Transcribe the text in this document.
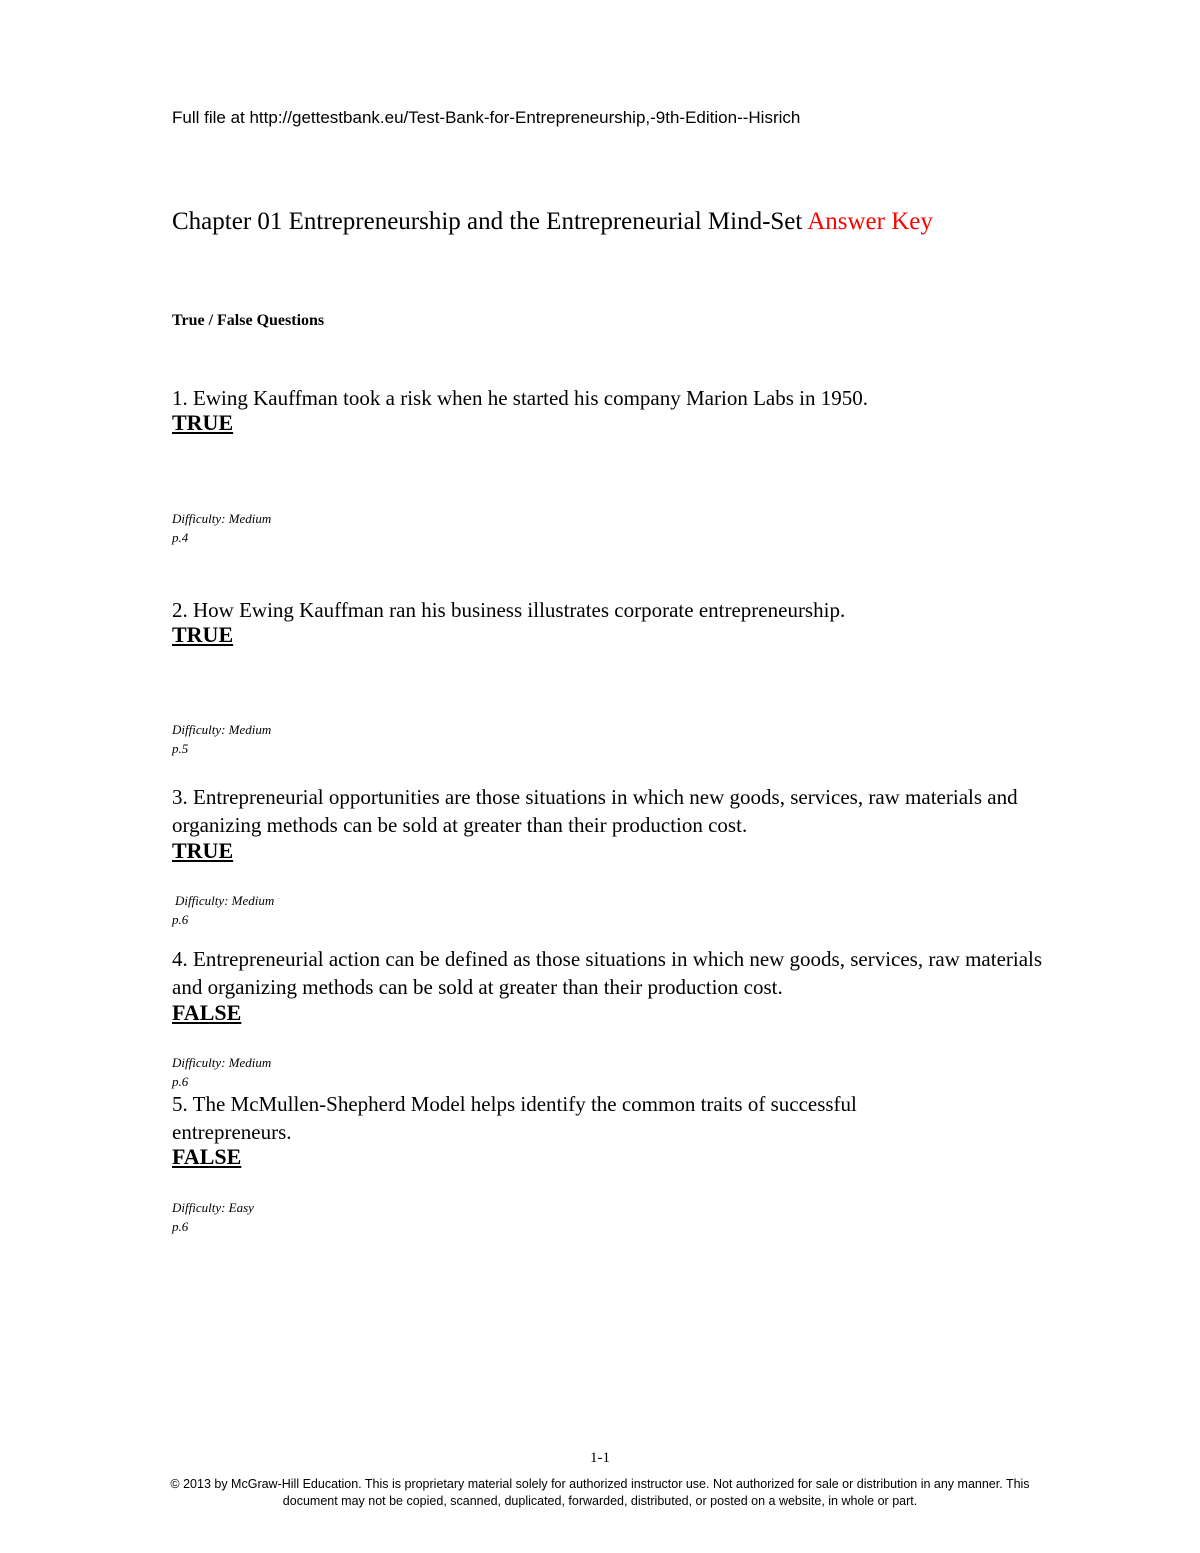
Full file at http://gettestbank.eu/Test-Bank-for-Entrepreneurship,-9th-Edition--Hisrich
Chapter 01 Entrepreneurship and the Entrepreneurial Mind-Set Answer Key
True / False Questions
1. Ewing Kauffman took a risk when he started his company Marion Labs in 1950.
TRUE
Difficulty: Medium
p.4
2. How Ewing Kauffman ran his business illustrates corporate entrepreneurship.
TRUE
Difficulty: Medium
p.5
3. Entrepreneurial opportunities are those situations in which new goods, services, raw materials and organizing methods can be sold at greater than their production cost.
TRUE
Difficulty: Medium
p.6
4. Entrepreneurial action can be defined as those situations in which new goods, services, raw materials and organizing methods can be sold at greater than their production cost.
FALSE
Difficulty: Medium
p.6
5. The McMullen-Shepherd Model helps identify the common traits of successful entrepreneurs.
FALSE
Difficulty: Easy
p.6
1-1
© 2013 by McGraw-Hill Education. This is proprietary material solely for authorized instructor use. Not authorized for sale or distribution in any manner. This document may not be copied, scanned, duplicated, forwarded, distributed, or posted on a website, in whole or part.
